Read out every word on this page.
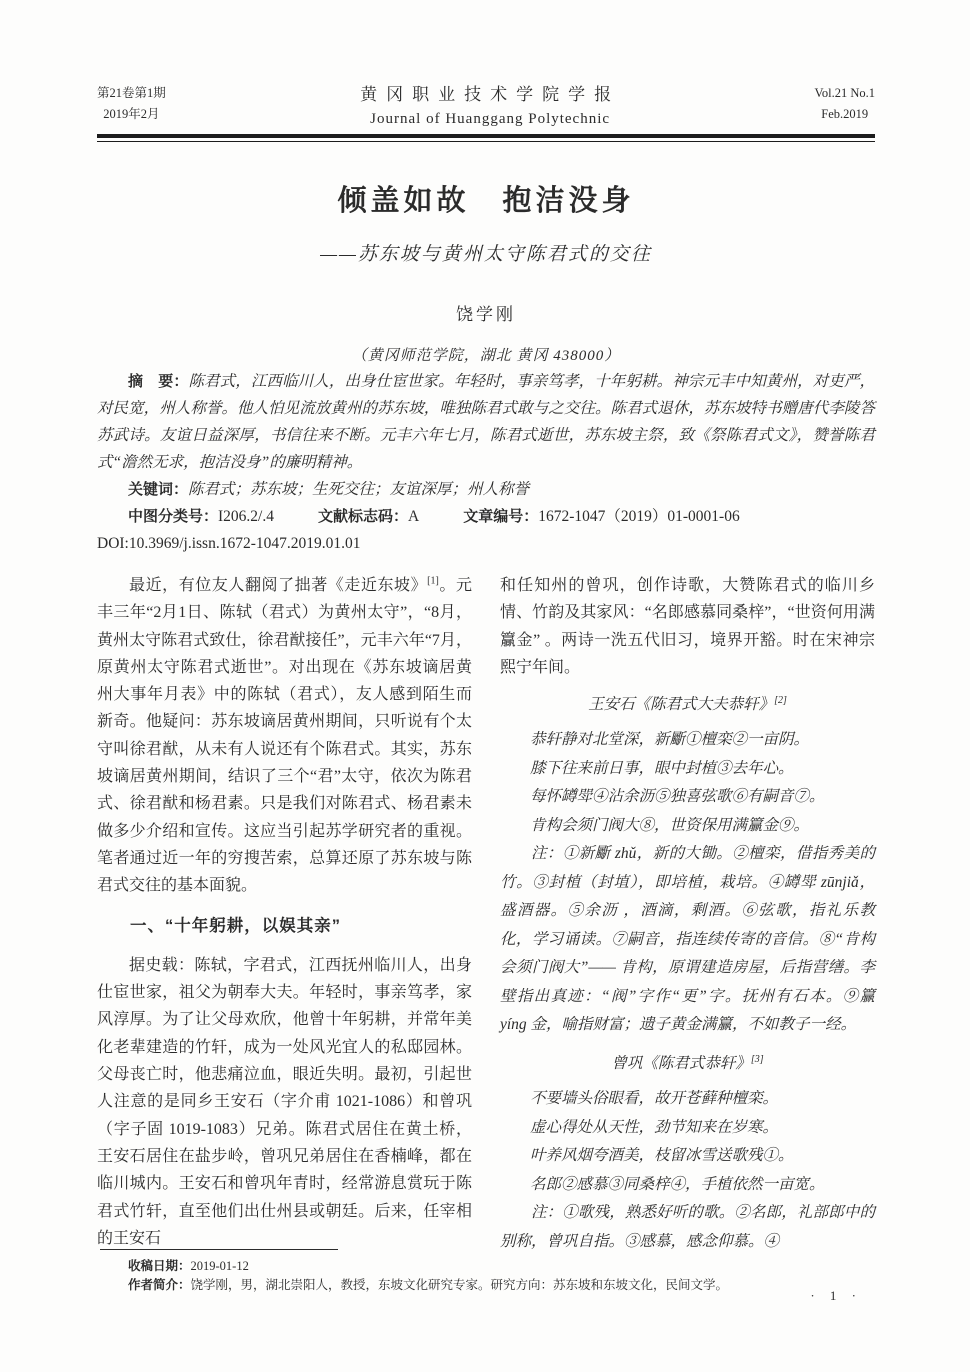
第21卷第1期
2019年2月
黄冈职业技术学院学报
Journal of Huanggang Polytechnic
Vol.21 No.1
Feb.2019
倾盖如故　抱洁没身
——苏东坡与黄州太守陈君式的交往
饶学刚
（黄冈师范学院，湖北 黄冈 438000）

摘　要：陈君式，江西临川人，出身仕宦世家。年轻时，事亲笃孝，十年躬耕。神宗元丰中知黄州，对吏严，对民宽，州人称誉。他人怕见流放黄州的苏东坡，唯独陈君式敢与之交往。陈君式退休，苏东坡特书赠唐代李陵答苏武诗。友谊日益深厚，书信往来不断。元丰六年七月，陈君式逝世，苏东坡主祭，致《祭陈君式文》，赞誉陈君式“澹然无求，抱洁没身”的廉明精神。

关键词：陈君式；苏东坡；生死交往；友谊深厚；州人称誉

中图分类号：I206.2/.4	文献标志码：A	文章编号：1672-1047（2019）01-0001-06

DOI:10.3969/j.issn.1672-1047.2019.01.01

最近，有位友人翻阅了拙著《走近东坡》[1]。元丰三年“2月1日、陈轼（君式）为黄州太守”，“8月，黄州太守陈君式致仕，徐君猷接任”，元丰六年“7月，原黄州太守陈君式逝世”。对出现在《苏东坡谪居黄州大事年月表》中的陈轼（君式），友人感到陌生而新奇。他疑问：苏东坡谪居黄州期间，只听说有个太守叫徐君猷，从未有人说还有个陈君式。其实，苏东坡谪居黄州期间，结识了三个“君”太守，依次为陈君式、徐君猷和杨君素。只是我们对陈君式、杨君素未做多少介绍和宣传。这应当引起苏学研究者的重视。笔者通过近一年的穷搜苦索，总算还原了苏东坡与陈君式交往的基本面貌。

一、“十年躬耕，以娱其亲”

据史载：陈轼，字君式，江西抚州临川人，出身仕宦世家，祖父为朝奉大夫。年轻时，事亲笃孝，家风淳厚。为了让父母欢欣，他曾十年躬耕，并常年美化老辈建造的竹轩，成为一处风光宜人的私邸园林。父母丧亡时，他悲痛泣血，眼近失明。最初，引起世人注意的是同乡王安石（字介甫 1021-1086）和曾巩（字子固 1019-1083）兄弟。陈君式居住在黄土桥，王安石居住在盐步岭，曾巩兄弟居住在香楠峰，都在临川城内。王安石和曾巩年青时，经常游息赏玩于陈君式竹轩，直至他们出仕州县或朝廷。后来，任宰相的王安石

和任知州的曾巩，创作诗歌，大赞陈君式的临川乡情、竹韵及其家风：“名郎感慕同桑梓”，“世资何用满籯金” 。两诗一洗五代旧习，境界开豁。时在宋神宗熙宁年间。

王安石《陈君式大夫恭轩》[2]

恭轩静对北堂深，新斸①檀栾②一亩阴。
膝下往来前日事，眼中封植③去年心。
每怀罇斝④沾余沥⑤独喜弦歌⑥有嗣音⑦。
肯构会须门阀大⑧，世资保用满籯金⑨。

注：①新斸 zhǔ，新的大锄。②檀栾，借指秀美的竹。③封植（封埴），即培植，栽培。④罇斝 zūnjiǎ，盛酒器。⑤余沥 ，酒滴，剩酒。⑥弦歌，指礼乐教化，学习诵读。⑦嗣音，指连续传寄的音信。⑧“肯构会须门阀大”—— 肯构，原谓建造房屋，后指营缮。李壁指出真迹：“阀”字作“更”字。抚州有石本。⑨籯 yíng 金，喻指财富；遗子黄金满籯，不如教子一经。

曾巩《陈君式恭轩》[3]

不要墙头俗眼看，故开苍藓种檀栾。
虚心得处从天性，劲节知来在岁寒。
叶养风烟夸酒美，枝留冰雪送歌残①。
名郎②感慕③同桑梓④，手植依然一亩宽。

注：①歌残，熟悉好听的歌。②名郎，礼部郎中的别称，曾巩自指。③感慕，感念仰慕。④

收稿日期：2019-01-12
作者简介：饶学刚，男，湖北崇阳人，教授，东坡文化研究专家。研究方向：苏东坡和东坡文化，民间文学。
· 1 ·
